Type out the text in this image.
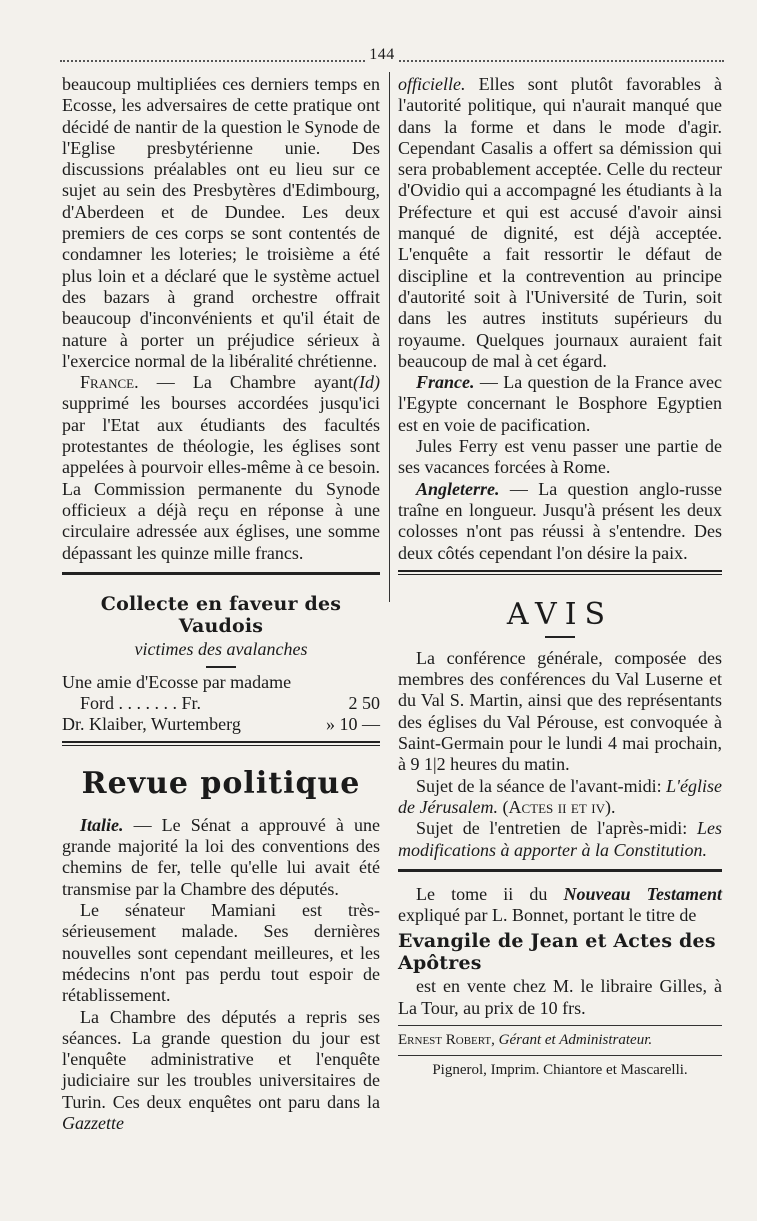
144

beaucoup multipliées ces derniers temps en Ecosse, les adversaires de cette pratique ont décidé de nantir de la question le Synode de l'Eglise presbytérienne unie. Des discussions préalables ont eu lieu sur ce sujet au sein des Presbytères d'Edimbourg, d'Aberdeen et de Dundee. Les deux premiers de ces corps se sont contentés de condamner les loteries; le troisième a été plus loin et a déclaré que le système actuel des bazars à grand orchestre offrait beaucoup d'inconvénients et qu'il était de nature à porter un préjudice sérieux à l'exercice normal de la libéralité chrétienne.
(Id)

France. — La Chambre ayant supprimé les bourses accordées jusqu'ici par l'Etat aux étudiants des facultés protestantes de théologie, les églises sont appelées à pourvoir elles-même à ce besoin. La Commission permanente du Synode officieux a déjà reçu en réponse à une circulaire adressée aux églises, une somme dépassant les quinze mille francs.

Collecte en faveur des Vaudois
victimes des avalanches
Une amie d'Ecosse par madame
Ford . . . . . . . Fr.	2 50
Dr. Klaiber, Wurtemberg	» 10 —
Revue politique

Italie. — Le Sénat a approuvé à une grande majorité la loi des conventions des chemins de fer, telle qu'elle lui avait été transmise par la Chambre des députés.

Le sénateur Mamiani est très-sérieusement malade. Ses dernières nouvelles sont cependant meilleures, et les médecins n'ont pas perdu tout espoir de rétablissement.

La Chambre des députés a repris ses séances. La grande question du jour est l'enquête administrative et l'enquête judiciaire sur les troubles universitaires de Turin. Ces deux enquêtes ont paru dans la Gazzette

officielle. Elles sont plutôt favorables à l'autorité politique, qui n'aurait manqué que dans la forme et dans le mode d'agir. Cependant Casalis a offert sa démission qui sera probablement acceptée. Celle du recteur d'Ovidio qui a accompagné les étudiants à la Préfecture et qui est accusé d'avoir ainsi manqué de dignité, est déjà acceptée. L'enquête a fait ressortir le défaut de discipline et la contrevention au principe d'autorité soit à l'Université de Turin, soit dans les autres instituts supérieurs du royaume. Quelques journaux auraient fait beaucoup de mal à cet égard.

France. — La question de la France avec l'Egypte concernant le Bosphore Egyptien est en voie de pacification.

Jules Ferry est venu passer une partie de ses vacances forcées à Rome.

Angleterre. — La question anglo-russe traîne en longueur. Jusqu'à présent les deux colosses n'ont pas réussi à s'entendre. Des deux côtés cependant l'on désire la paix.

AVIS

La conférence générale, composée des membres des conférences du Val Luserne et du Val S. Martin, ainsi que des représentants des églises du Val Pérouse, est convoquée à Saint-Germain pour le lundi 4 mai prochain, à 9 1|2 heures du matin.

Sujet de la séance de l'avant-midi: L'église de Jérusalem. (Actes ii et iv).

Sujet de l'entretien de l'après-midi: Les modifications à apporter à la Constitution.

Le tome ii du Nouveau Testament expliqué par L. Bonnet, portant le titre de

Evangile de Jean et Actes des Apôtres

est en vente chez M. le libraire Gilles, à La Tour, au prix de 10 frs.

Ernest Robert, Gérant et Administrateur.
Pignerol, Imprim. Chiantore et Mascarelli.
